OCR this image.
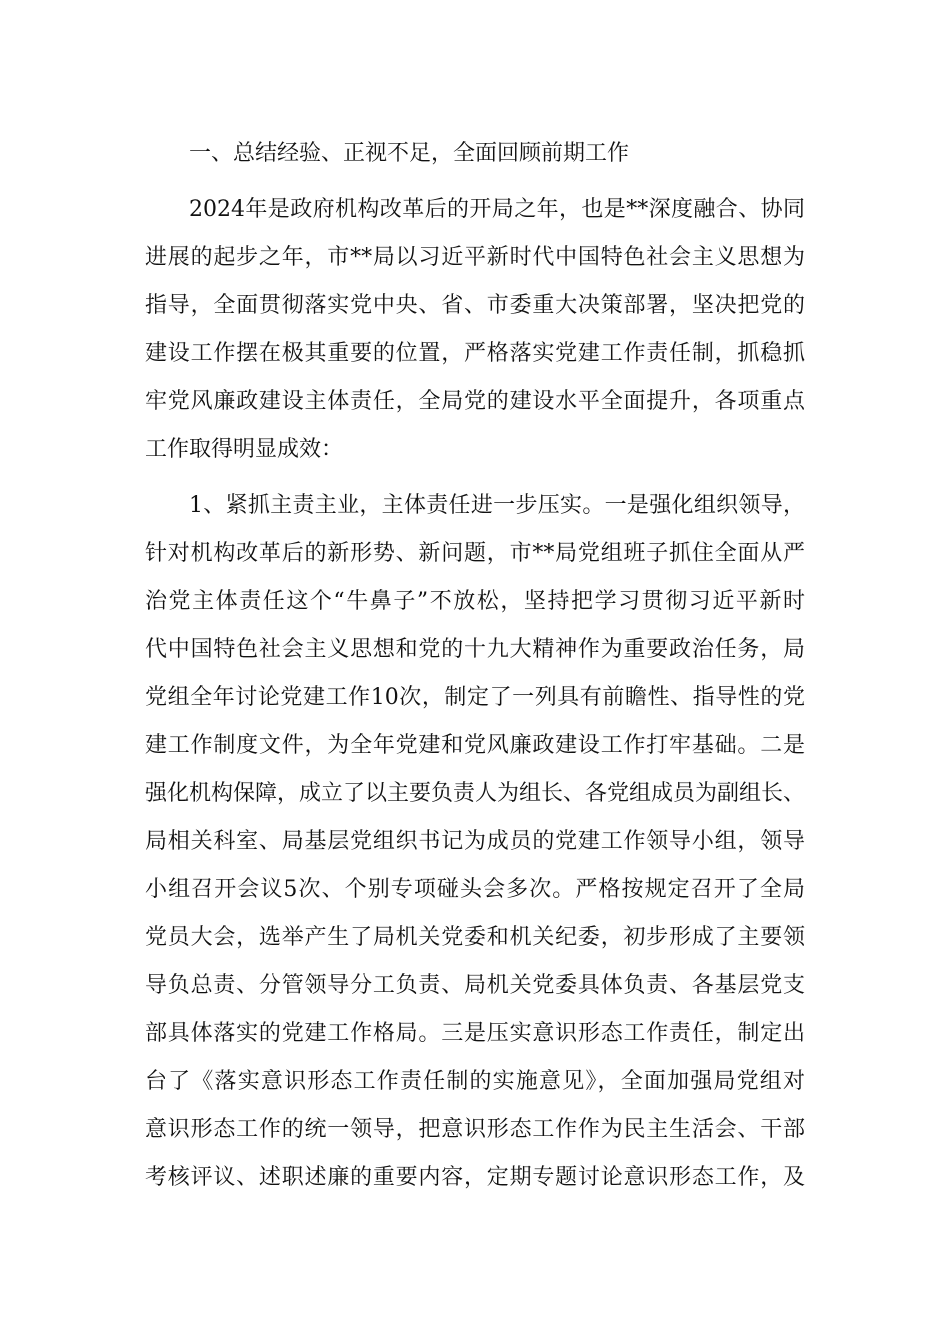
一、总结经验、正视不足，全面回顾前期工作
2024年是政府机构改革后的开局之年，也是**深度融合、协同
进展的起步之年，市**局以习近平新时代中国特色社会主义思想为
指导，全面贯彻落实党中央、省、市委重大决策部署，坚决把党的
建设工作摆在极其重要的位置，严格落实党建工作责任制，抓稳抓
牢党风廉政建设主体责任，全局党的建设水平全面提升，各项重点
工作取得明显成效：
1、紧抓主责主业，主体责任进一步压实。一是强化组织领导，
针对机构改革后的新形势、新问题，市**局党组班子抓住全面从严
治党主体责任这个“牛鼻子”不放松，坚持把学习贯彻习近平新时
代中国特色社会主义思想和党的十九大精神作为重要政治任务，局
党组全年讨论党建工作10次，制定了一列具有前瞻性、指导性的党
建工作制度文件，为全年党建和党风廉政建设工作打牢基础。二是
强化机构保障，成立了以主要负责人为组长、各党组成员为副组长、
局相关科室、局基层党组织书记为成员的党建工作领导小组，领导
小组召开会议5次、个别专项碰头会多次。严格按规定召开了全局
党员大会，选举产生了局机关党委和机关纪委，初步形成了主要领
导负总责、分管领导分工负责、局机关党委具体负责、各基层党支
部具体落实的党建工作格局。三是压实意识形态工作责任，制定出
台了《落实意识形态工作责任制的实施意见》，全面加强局党组对
意识形态工作的统一领导，把意识形态工作作为民主生活会、干部
考核评议、述职述廉的重要内容，定期专题讨论意识形态工作，及
